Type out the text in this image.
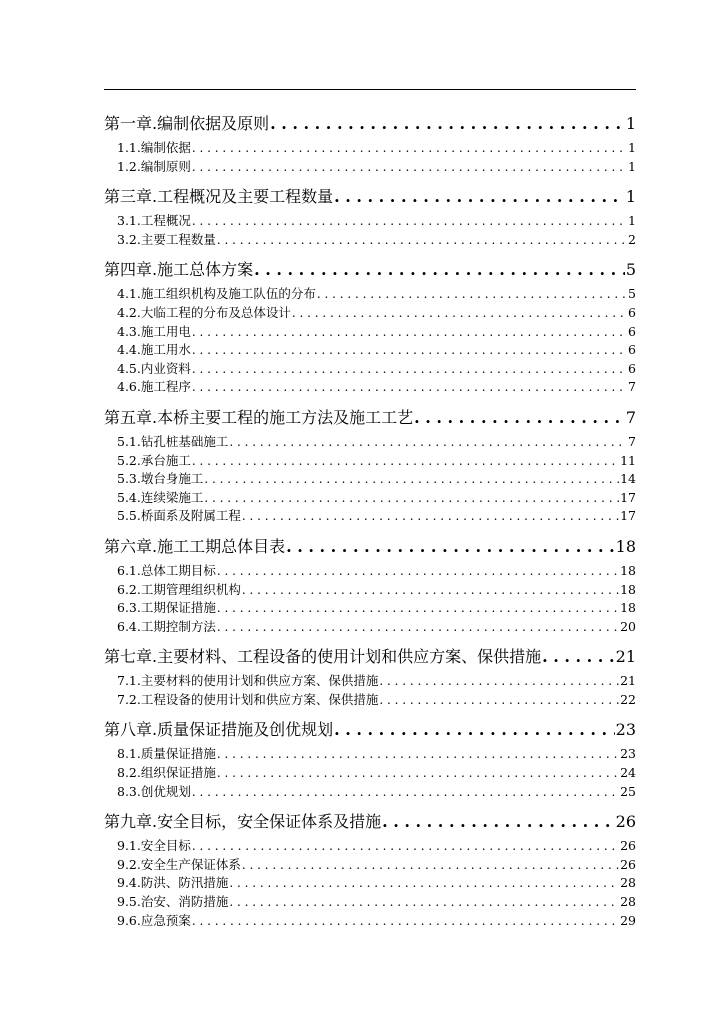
第一章.编制依据及原则 . . .	1
1.1.编制依据 . . .	1
1.2.编制原则 . . .	1
第三章.工程概况及主要工程数量 . . .	1
3.1.工程概况 . . .	1
3.2.主要工程数量 . . .	2
第四章.施工总体方案 . . .	5
4.1.施工组织机构及施工队伍的分布 . . .	5
4.2.大临工程的分布及总体设计 . . .	6
4.3.施工用电 . . .	6
4.4.施工用水 . . .	6
4.5.内业资料 . . .	6
4.6.施工程序 . . .	7
第五章.本桥主要工程的施工方法及施工工艺 . . .	7
5.1.钻孔桩基础施工 . . .	7
5.2.承台施工 . . .	11
5.3.墩台身施工 . . .	14
5.4.连续梁施工 . . .	17
5.5.桥面系及附属工程 . . .	17
第六章.施工工期总体目表 . . .	18
6.1.总体工期目标 . . .	18
6.2.工期管理组织机构 . . .	18
6.3.工期保证措施 . . .	18
6.4.工期控制方法 . . .	20
第七章.主要材料、工程设备的使用计划和供应方案、保供措施 . . .	21
7.1.主要材料的使用计划和供应方案、保供措施 . . .	21
7.2.工程设备的使用计划和供应方案、保供措施 . . .	22
第八章.质量保证措施及创优规划 . . .	23
8.1.质量保证措施 . . .	23
8.2.组织保证措施 . . .	24
8.3.创优规划 . . .	25
第九章.安全目标，安全保证体系及措施 . . .	26
9.1.安全目标 . . .	26
9.2.安全生产保证体系 . . .	26
9.4.防洪、防汛措施 . . .	28
9.5.治安、消防措施 . . .	28
9.6.应急预案 . . .	29
